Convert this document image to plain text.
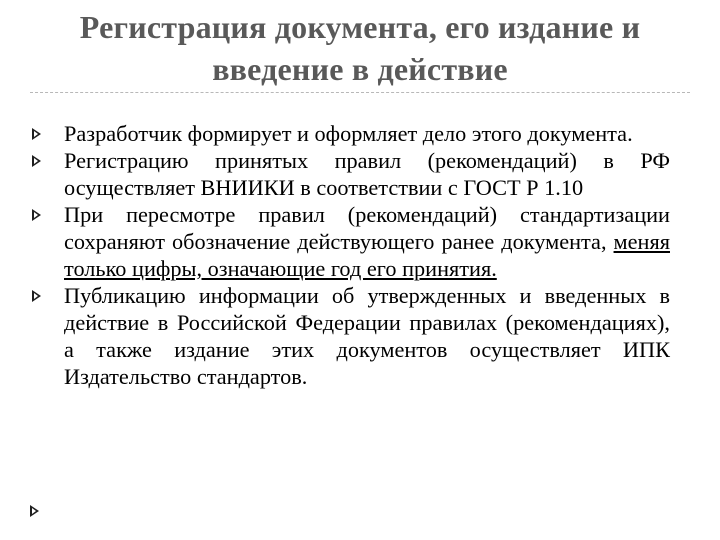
Регистрация документа, его издание и введение в действие
Разработчик формирует и оформляет дело этого документа.
Регистрацию принятых правил (рекомендаций) в РФ осуществляет ВНИИКИ в соответствии с ГОСТ Р 1.10
При пересмотре правил (рекомендаций) стандартизации сохраняют обозначение действующего ранее документа, меняя только цифры, означающие год его принятия.
Публикацию информации об утвержденных и введенных в действие в Российской Федерации правилах (рекомендациях), а также издание этих документов осуществляет ИПК Издательство стандартов.
